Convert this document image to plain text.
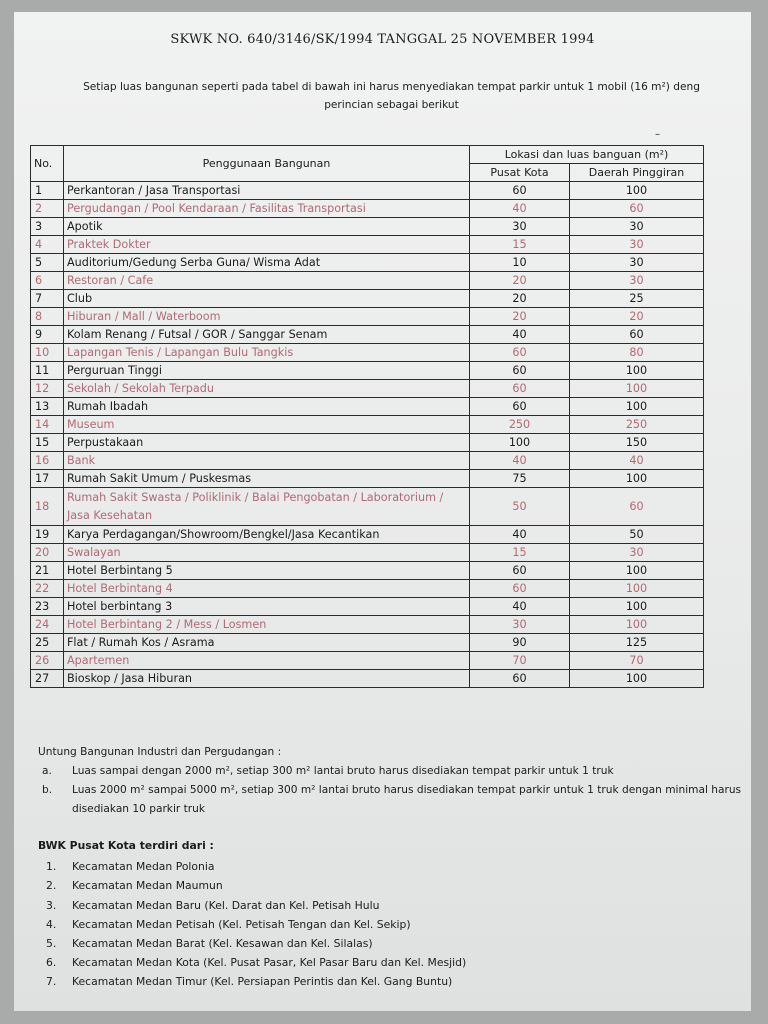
SKWK NO. 640/3146/SK/1994 TANGGAL 25 NOVEMBER 1994
Setiap luas bangunan seperti pada tabel di bawah ini harus menyediakan tempat parkir untuk 1 mobil (16 m²) deng
perincian sebagai berikut
–
No.	Penggunaan Bangunan	Lokasi dan luas banguan (m²)	
		Pusat Kota	Daerah Pinggiran
1	Perkantoran / Jasa Transportasi	60	100
2	Pergudangan / Pool Kendaraan / Fasilitas Transportasi	40	60
3	Apotik	30	30
4	Praktek Dokter	15	30
5	Auditorium/Gedung Serba Guna/ Wisma Adat	10	30
6	Restoran / Cafe	20	30
7	Club	20	25
8	Hiburan / Mall / Waterboom	20	20
9	Kolam Renang / Futsal / GOR / Sanggar Senam	40	60
10	Lapangan Tenis / Lapangan Bulu Tangkis	60	80
11	Perguruan Tinggi	60	100
12	Sekolah / Sekolah Terpadu	60	100
13	Rumah Ibadah	60	100
14	Museum	250	250
15	Perpustakaan	100	150
16	Bank	40	40
17	Rumah Sakit Umum / Puskesmas	75	100
18	Rumah Sakit Swasta / Poliklinik / Balai Pengobatan / Laboratorium / Jasa Kesehatan	50	60
19	Karya Perdagangan/Showroom/Bengkel/Jasa Kecantikan	40	50
20	Swalayan	15	30
21	Hotel Berbintang 5	60	100
22	Hotel Berbintang 4	60	100
23	Hotel berbintang 3	40	100
24	Hotel Berbintang 2 / Mess / Losmen	30	100
25	Flat / Rumah Kos / Asrama	90	125
26	Apartemen	70	70
27	Bioskop / Jasa Hiburan	60	100
Untung Bangunan Industri dan Pergudangan :
a. Luas sampai dengan 2000 m², setiap 300 m² lantai bruto harus disediakan tempat parkir untuk 1 truk
b. Luas 2000 m² sampai 5000 m², setiap 300 m² lantai bruto harus disediakan tempat parkir untuk 1 truk dengan minimal harus disediakan 10 parkir truk
BWK Pusat Kota terdiri dari :
1. Kecamatan Medan Polonia
2. Kecamatan Medan Maumun
3. Kecamatan Medan Baru (Kel. Darat dan Kel. Petisah Hulu
4. Kecamatan Medan Petisah (Kel. Petisah Tengan dan Kel. Sekip)
5. Kecamatan Medan Barat (Kel. Kesawan dan Kel. Silalas)
6. Kecamatan Medan Kota (Kel. Pusat Pasar, Kel Pasar Baru dan Kel. Mesjid)
7. Kecamatan Medan Timur (Kel. Persiapan Perintis dan Kel. Gang Buntu)
